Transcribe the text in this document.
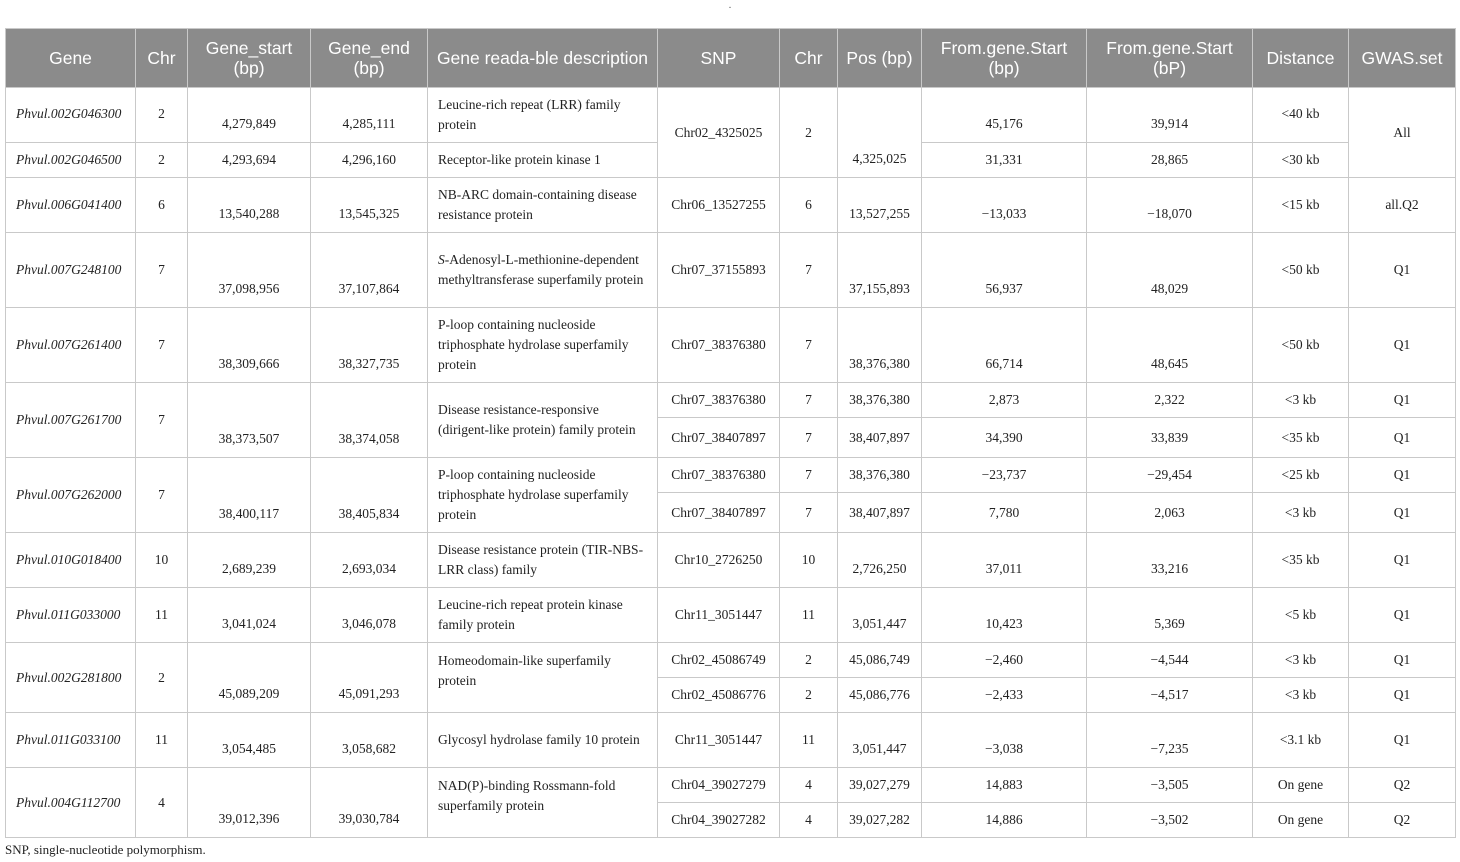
.
Gene	Chr	Gene_start (bp)	Gene_end (bp)	Gene reada-ble description	SNP	Chr	Pos (bp)	From.gene.Start (bp)	From.gene.Start (bP)	Distance	GWAS.set
Phvul.002G046300	2	4,279,849	4,285,111	Leucine-rich repeat (LRR) family protein	Chr02_4325025	2	4,325,025	45,176	39,914	<40 kb	All
Phvul.002G046500	2	4,293,694	4,296,160	Receptor-like protein kinase 1				31,331	28,865	<30 kb	
Phvul.006G041400	6	13,540,288	13,545,325	NB-ARC domain-containing disease resistance protein	Chr06_13527255	6	13,527,255	−13,033	−18,070	<15 kb	all.Q2
Phvul.007G248100	7	37,098,956	37,107,864	S-Adenosyl-L-methionine-dependent methyltransferase superfamily protein	Chr07_37155893	7	37,155,893	56,937	48,029	<50 kb	Q1
Phvul.007G261400	7	38,309,666	38,327,735	P-loop containing nucleoside triphosphate hydrolase superfamily protein	Chr07_38376380	7	38,376,380	66,714	48,645	<50 kb	Q1
Phvul.007G261700	7	38,373,507	38,374,058	Disease resistance-responsive (dirigent-like protein) family protein	Chr07_38376380	7	38,376,380	2,873	2,322	<3 kb	Q1
					Chr07_38407897	7	38,407,897	34,390	33,839	<35 kb	Q1
Phvul.007G262000	7	38,400,117	38,405,834	P-loop containing nucleoside triphosphate hydrolase superfamily protein	Chr07_38376380	7	38,376,380	−23,737	−29,454	<25 kb	Q1
					Chr07_38407897	7	38,407,897	7,780	2,063	<3 kb	Q1
Phvul.010G018400	10	2,689,239	2,693,034	Disease resistance protein (TIR-NBS-LRR class) family	Chr10_2726250	10	2,726,250	37,011	33,216	<35 kb	Q1
Phvul.011G033000	11	3,041,024	3,046,078	Leucine-rich repeat protein kinase family protein	Chr11_3051447	11	3,051,447	10,423	5,369	<5 kb	Q1
Phvul.002G281800	2	45,089,209	45,091,293	Homeodomain-like superfamily protein	Chr02_45086749	2	45,086,749	−2,460	−4,544	<3 kb	Q1
					Chr02_45086776	2	45,086,776	−2,433	−4,517	<3 kb	Q1
Phvul.011G033100	11	3,054,485	3,058,682	Glycosyl hydrolase family 10 protein	Chr11_3051447	11	3,051,447	−3,038	−7,235	<3.1 kb	Q1
Phvul.004G112700	4	39,012,396	39,030,784	NAD(P)-binding Rossmann-fold superfamily protein	Chr04_39027279	4	39,027,279	14,883	−3,505	On gene	Q2
					Chr04_39027282	4	39,027,282	14,886	−3,502	On gene	Q2
SNP, single-nucleotide polymorphism.
